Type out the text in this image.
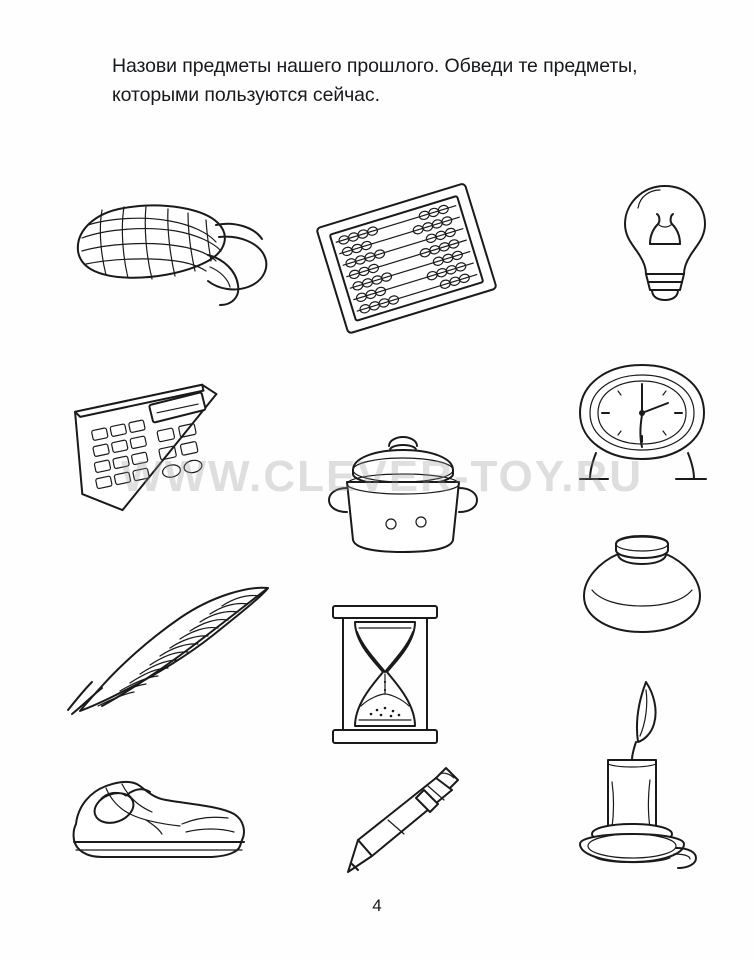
Назови предметы нашего прошлого. Обведи те предметы, которыми пользуются сейчас.
WWW.CLEVER-TOY.RU
4
